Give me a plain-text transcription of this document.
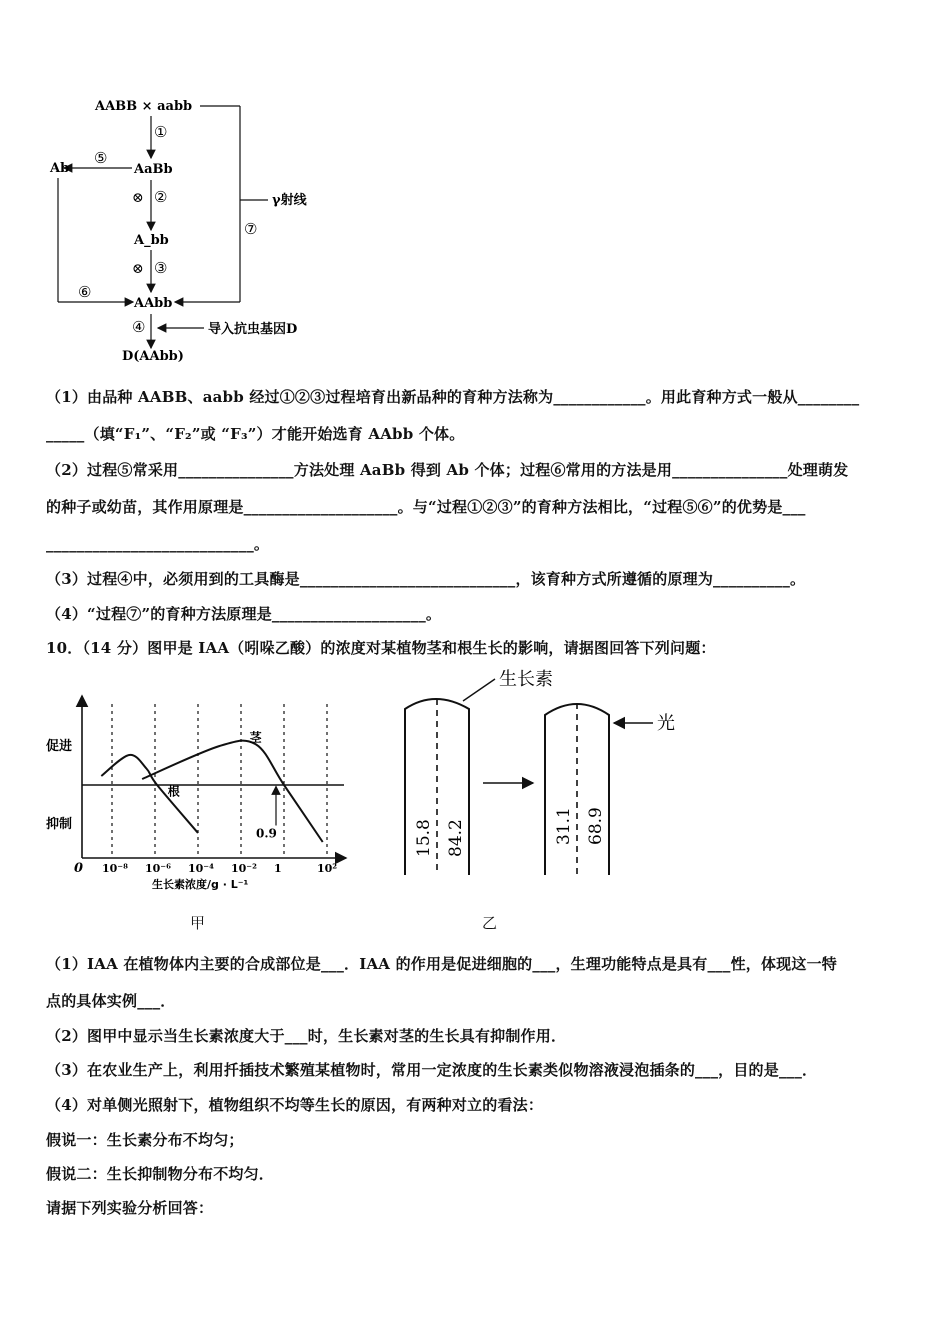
AABB × aabb
①
AaBb
⑤
Ab
⑥
⊗ ②
A_bb
⊗ ③
AAbb
⑦
γ射线
④	导入抗虫基因D
D(AAbb)
（1）由品种 AABB、aabb 经过①②③过程培育出新品种的育种方法称为____________。用此育种方式一般从________
_____（填“F₁”、“F₂”或 “F₃”）才能开始选育 AAbb 个体。
（2）过程⑤常采用_______________方法处理 AaBb 得到 Ab 个体；过程⑥常用的方法是用_______________处理萌发
的种子或幼苗，其作用原理是____________________。与“过程①②③”的育种方法相比，“过程⑤⑥”的优势是___
___________________________。
（3）过程④中，必须用到的工具酶是____________________________，该育种方式所遵循的原理为__________。
（4）“过程⑦”的育种方法原理是____________________。
10．（14 分）图甲是 IAA（吲哚乙酸）的浓度对某植物茎和根生长的影响，请据图回答下列问题：
促进
抑制
0 10⁻⁸ 10⁻⁶ 10⁻⁴ 10⁻² 1	10²
根
茎
0.9
生长素浓度/g · L⁻¹
甲
生长素
15.8 84.2
光
31.1 68.9
乙
（1）IAA 在植物体内主要的合成部位是___．IAA 的作用是促进细胞的___，生理功能特点是具有___性，体现这一特
点的具体实例___．
（2）图甲中显示当生长素浓度大于___时，生长素对茎的生长具有抑制作用．
（3）在农业生产上，利用扦插技术繁殖某植物时，常用一定浓度的生长素类似物溶液浸泡插条的___，目的是___．
（4）对单侧光照射下，植物组织不均等生长的原因，有两种对立的看法：
假说一：生长素分布不均匀；
假说二：生长抑制物分布不均匀．
请据下列实验分析回答：
